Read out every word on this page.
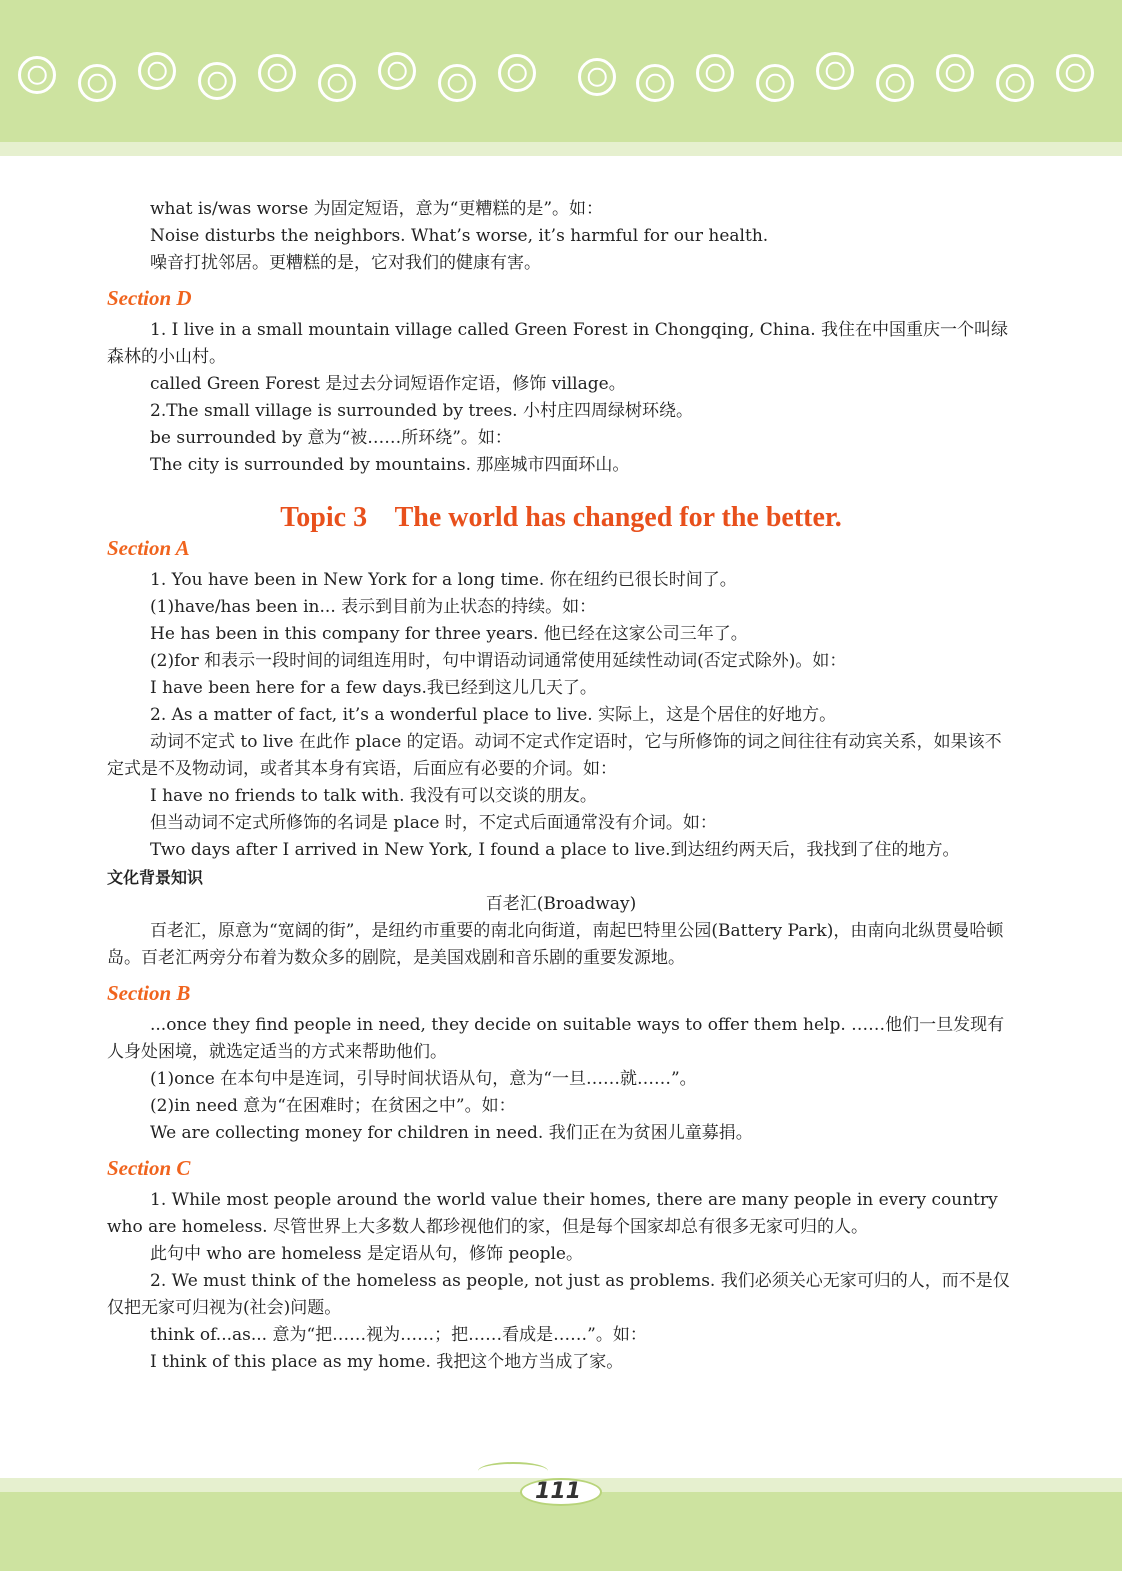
what is/was worse 为固定短语，意为“更糟糕的是”。如：

Noise disturbs the neighbors. What’s worse, it’s harmful for our health.

噪音打扰邻居。更糟糕的是，它对我们的健康有害。

Section D

1. I live in a small mountain village called Green Forest in Chongqing, China. 我住在中国重庆一个叫绿森林的小山村。

called Green Forest 是过去分词短语作定语，修饰 village。

2.The small village is surrounded by trees. 小村庄四周绿树环绕。

be surrounded by 意为“被……所环绕”。如：

The city is surrounded by mountains. 那座城市四面环山。

Topic 3    The world has changed for the better.
Section A

1. You have been in New York for a long time. 你在纽约已很长时间了。

(1)have/has been in... 表示到目前为止状态的持续。如：

He has been in this company for three years. 他已经在这家公司三年了。

(2)for 和表示一段时间的词组连用时，句中谓语动词通常使用延续性动词(否定式除外)。如：

I have been here for a few days.我已经到这儿几天了。

2. As a matter of fact, it’s a wonderful place to live. 实际上，这是个居住的好地方。

动词不定式 to live 在此作 place 的定语。动词不定式作定语时，它与所修饰的词之间往往有动宾关系，如果该不定式是不及物动词，或者其本身有宾语，后面应有必要的介词。如：

I have no friends to talk with. 我没有可以交谈的朋友。

但当动词不定式所修饰的名词是 place 时，不定式后面通常没有介词。如：

Two days after I arrived in New York, I found a place to live.到达纽约两天后，我找到了住的地方。

文化背景知识

百老汇(Broadway)

百老汇，原意为“宽阔的街”，是纽约市重要的南北向街道，南起巴特里公园(Battery Park)，由南向北纵贯曼哈顿岛。百老汇两旁分布着为数众多的剧院，是美国戏剧和音乐剧的重要发源地。

Section B

...once they find people in need, they decide on suitable ways to offer them help. ……他们一旦发现有人身处困境，就选定适当的方式来帮助他们。

(1)once 在本句中是连词，引导时间状语从句，意为“一旦……就……”。

(2)in need 意为“在困难时；在贫困之中”。如：

We are collecting money for children in need. 我们正在为贫困儿童募捐。

Section C

1. While most people around the world value their homes, there are many people in every country who are homeless. 尽管世界上大多数人都珍视他们的家，但是每个国家却总有很多无家可归的人。

此句中 who are homeless 是定语从句，修饰 people。

2. We must think of the homeless as people, not just as problems. 我们必须关心无家可归的人，而不是仅仅把无家可归视为(社会)问题。

think of...as... 意为“把……视为……；把……看成是……”。如：

I think of this place as my home. 我把这个地方当成了家。

111
